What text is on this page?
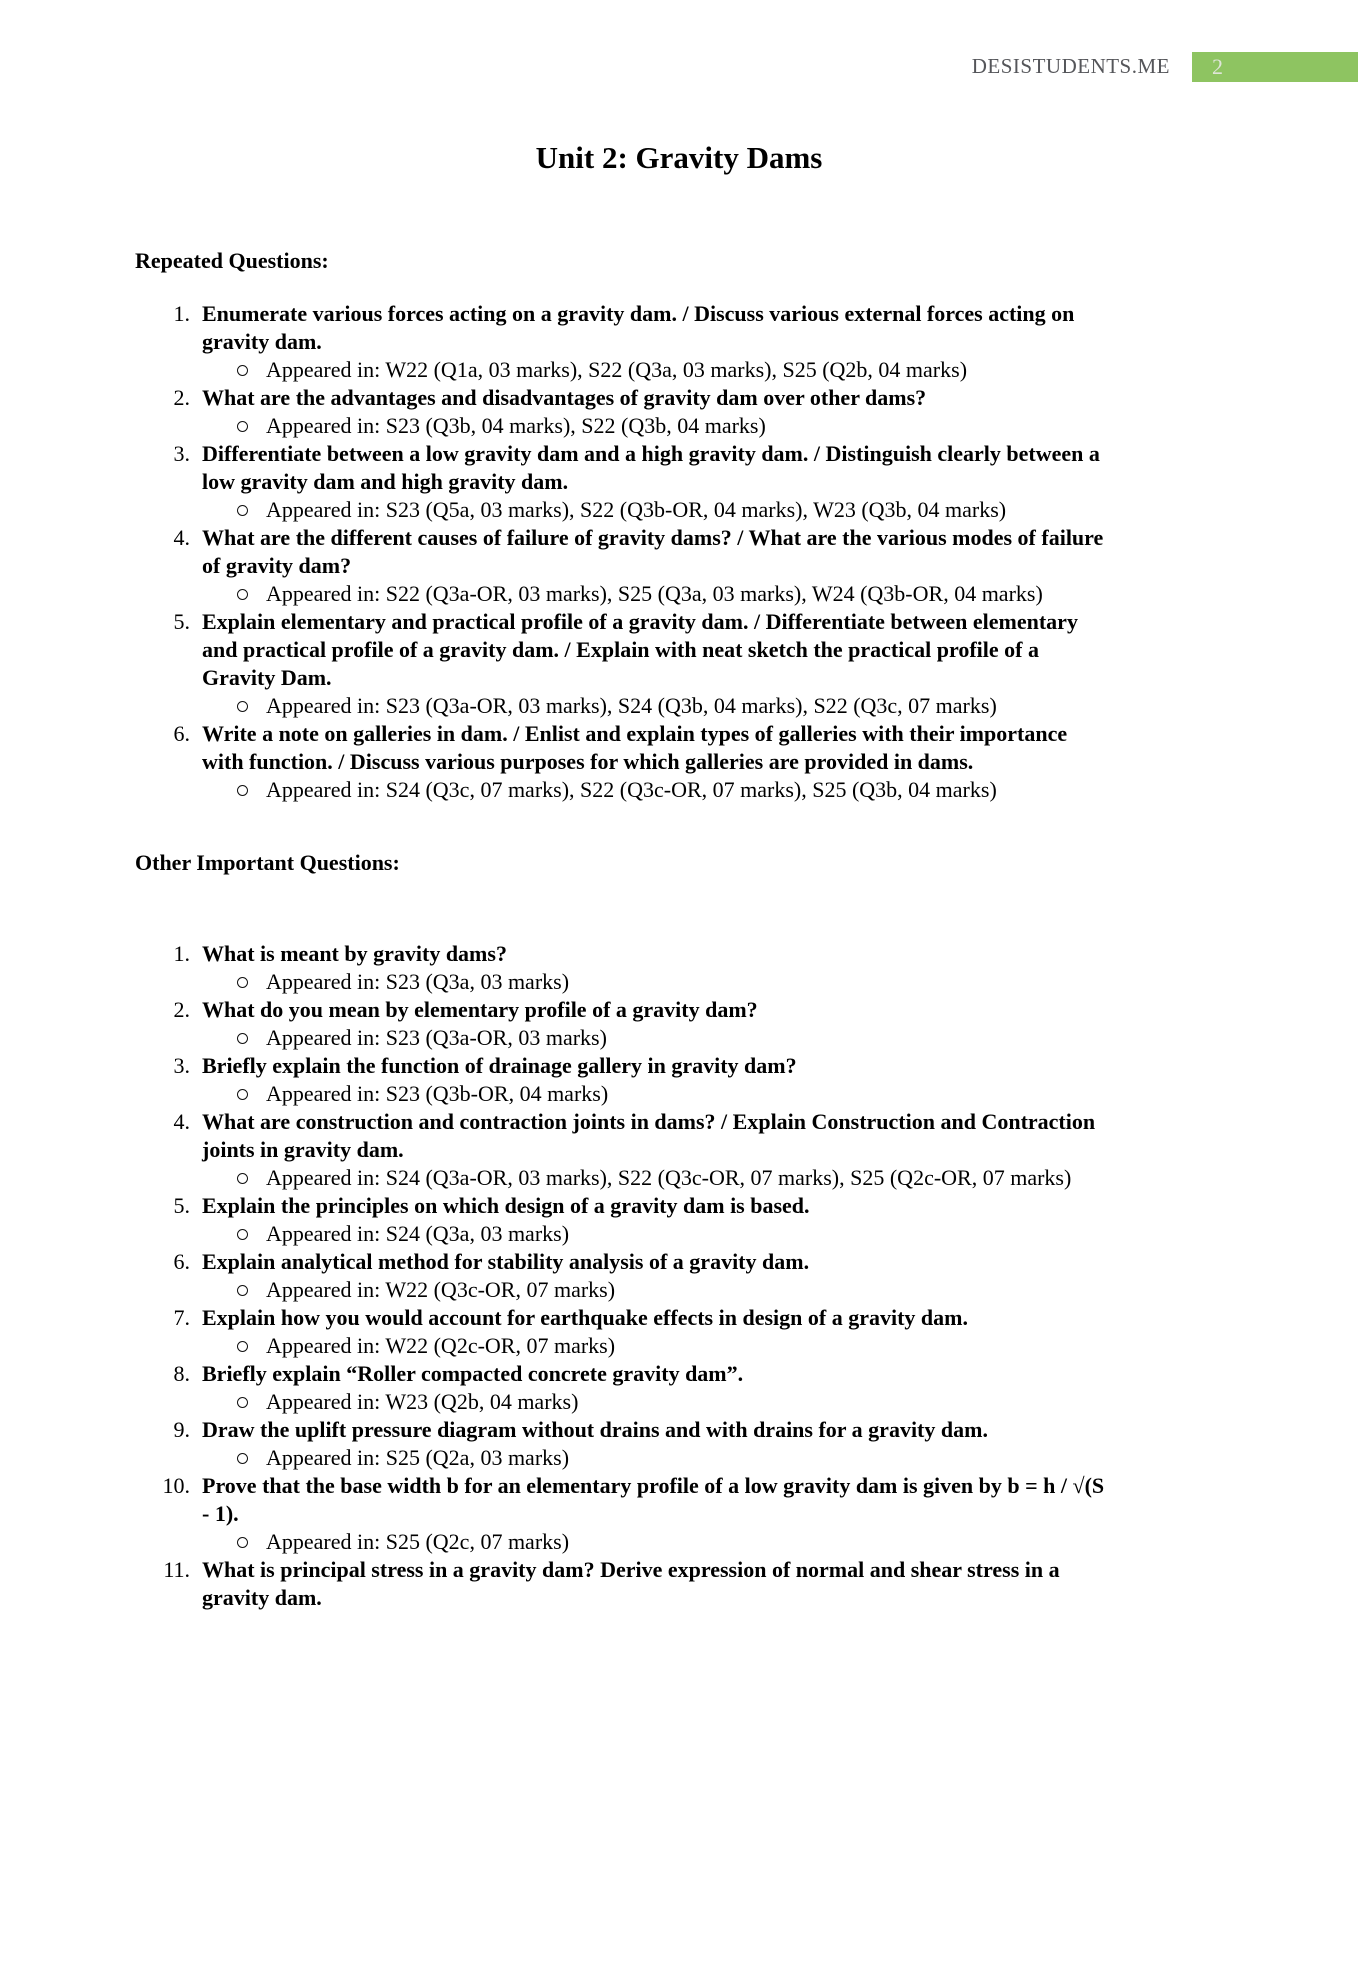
DESISTUDENTS.ME	2
Unit 2: Gravity Dams
Repeated Questions:
1. Enumerate various forces acting on a gravity dam. / Discuss various external forces acting on gravity dam.
Appeared in: W22 (Q1a, 03 marks), S22 (Q3a, 03 marks), S25 (Q2b, 04 marks)
2. What are the advantages and disadvantages of gravity dam over other dams?
Appeared in: S23 (Q3b, 04 marks), S22 (Q3b, 04 marks)
3. Differentiate between a low gravity dam and a high gravity dam. / Distinguish clearly between a low gravity dam and high gravity dam.
Appeared in: S23 (Q5a, 03 marks), S22 (Q3b-OR, 04 marks), W23 (Q3b, 04 marks)
4. What are the different causes of failure of gravity dams? / What are the various modes of failure of gravity dam?
Appeared in: S22 (Q3a-OR, 03 marks), S25 (Q3a, 03 marks), W24 (Q3b-OR, 04 marks)
5. Explain elementary and practical profile of a gravity dam. / Differentiate between elementary and practical profile of a gravity dam. / Explain with neat sketch the practical profile of a Gravity Dam.
Appeared in: S23 (Q3a-OR, 03 marks), S24 (Q3b, 04 marks), S22 (Q3c, 07 marks)
6. Write a note on galleries in dam. / Enlist and explain types of galleries with their importance with function. / Discuss various purposes for which galleries are provided in dams.
Appeared in: S24 (Q3c, 07 marks), S22 (Q3c-OR, 07 marks), S25 (Q3b, 04 marks)
Other Important Questions:
1. What is meant by gravity dams?
Appeared in: S23 (Q3a, 03 marks)
2. What do you mean by elementary profile of a gravity dam?
Appeared in: S23 (Q3a-OR, 03 marks)
3. Briefly explain the function of drainage gallery in gravity dam?
Appeared in: S23 (Q3b-OR, 04 marks)
4. What are construction and contraction joints in dams? / Explain Construction and Contraction joints in gravity dam.
Appeared in: S24 (Q3a-OR, 03 marks), S22 (Q3c-OR, 07 marks), S25 (Q2c-OR, 07 marks)
5. Explain the principles on which design of a gravity dam is based.
Appeared in: S24 (Q3a, 03 marks)
6. Explain analytical method for stability analysis of a gravity dam.
Appeared in: W22 (Q3c-OR, 07 marks)
7. Explain how you would account for earthquake effects in design of a gravity dam.
Appeared in: W22 (Q2c-OR, 07 marks)
8. Briefly explain “Roller compacted concrete gravity dam”.
Appeared in: W23 (Q2b, 04 marks)
9. Draw the uplift pressure diagram without drains and with drains for a gravity dam.
Appeared in: S25 (Q2a, 03 marks)
10. Prove that the base width b for an elementary profile of a low gravity dam is given by b = h / √(S - 1).
Appeared in: S25 (Q2c, 07 marks)
11. What is principal stress in a gravity dam? Derive expression of normal and shear stress in a gravity dam.
